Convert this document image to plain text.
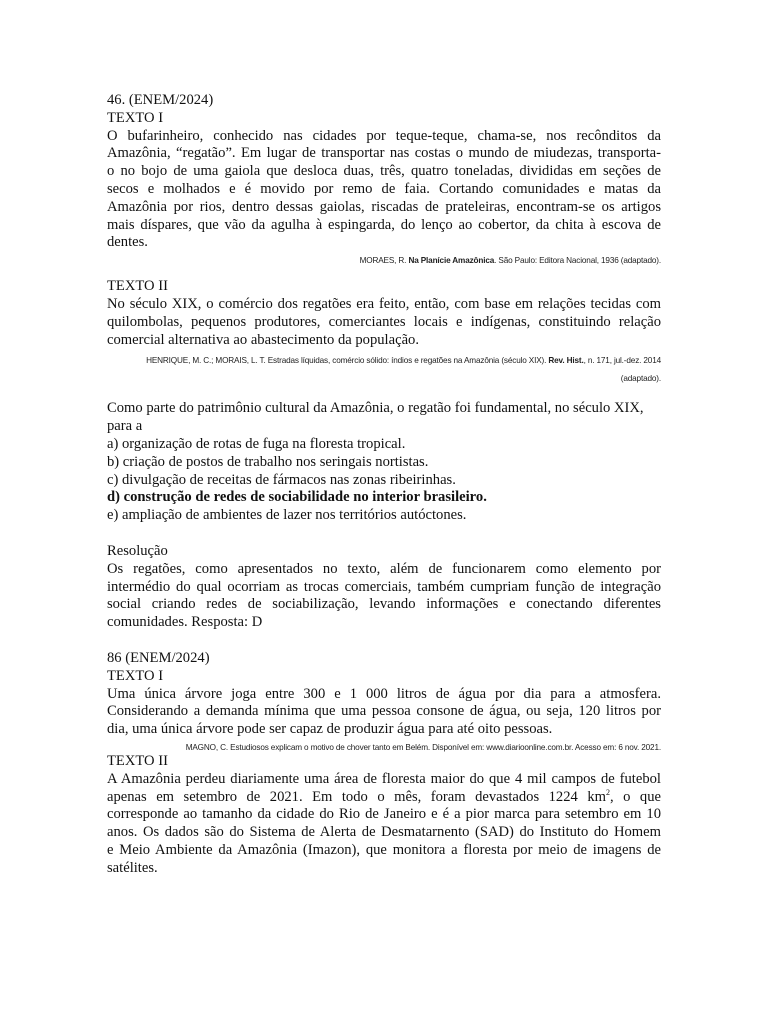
46. (ENEM/2024)
TEXTO I
O bufarinheiro, conhecido nas cidades por teque-teque, chama-se, nos recônditos da
Amazônia, “regatão”. Em lugar de transportar nas costas o mundo de miudezas, transporta-
o no bojo de uma gaiola que desloca duas, três, quatro toneladas, divididas em seções de
secos e molhados e é movido por remo de faia. Cortando comunidades e matas da
Amazônia por rios, dentro dessas gaiolas, riscadas de prateleiras, encontram-se os artigos
mais díspares, que vão da agulha à espingarda, do lenço ao cobertor, da chita à escova de
dentes.
MORAES, R. Na Planície Amazônica. São Paulo: Editora Nacional, 1936 (adaptado).
TEXTO II
No século XIX, o comércio dos regatões era feito, então, com base em relações tecidas com
quilombolas, pequenos produtores, comerciantes locais e indígenas, constituindo relação
comercial alternativa ao abastecimento da população.
HENRIQUE, M. C.; MORAIS, L. T. Estradas líquidas, comércio sólido: índios e regatões na Amazônia (século XIX). Rev. Hist., n. 171, jul.-dez. 2014
(adaptado).
Como parte do patrimônio cultural da Amazônia, o regatão foi fundamental, no século XIX,
para a
a) organização de rotas de fuga na floresta tropical.
b) criação de postos de trabalho nos seringais nortistas.
c) divulgação de receitas de fármacos nas zonas ribeirinhas.
d) construção de redes de sociabilidade no interior brasileiro.
e) ampliação de ambientes de lazer nos territórios autóctones.
Resolução
Os regatões, como apresentados no texto, além de funcionarem como elemento por
intermédio do qual ocorriam as trocas comerciais, também cumpriam função de integração
social criando redes de sociabilização, levando informações e conectando diferentes
comunidades. Resposta: D
86 (ENEM/2024)
TEXTO I
Uma única árvore joga entre 300 e 1 000 litros de água por dia para a atmosfera.
Considerando a demanda mínima que uma pessoa consone de água, ou seja, 120 litros por
dia, uma única árvore pode ser capaz de produzir água para até oito pessoas.
MAGNO, C. Estudiosos explicam o motivo de chover tanto em Belém. Disponível em: www.diarioonline.com.br. Acesso em: 6 nov. 2021.
TEXTO II
A Amazônia perdeu diariamente uma área de floresta maior do que 4 mil campos de futebol
apenas em setembro de 2021. Em todo o mês, foram devastados 1224 $km^2$, o que
corresponde ao tamanho da cidade do Rio de Janeiro e é a pior marca para setembro em 10
anos. Os dados são do Sistema de Alerta de Desmatarnento (SAD) do Instituto do Homem
e Meio Ambiente da Amazônia (Imazon), que monitora a floresta por meio de imagens de
satélites.
